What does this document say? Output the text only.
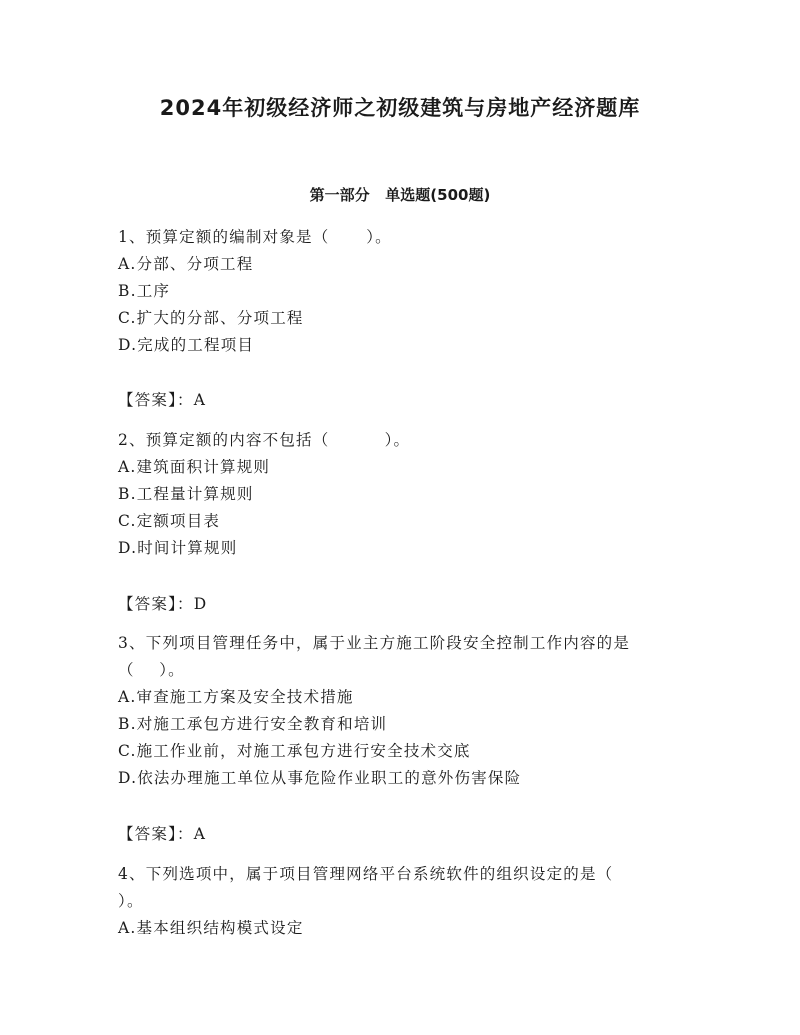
2024年初级经济师之初级建筑与房地产经济题库
第一部分   单选题(500题)
1、预算定额的编制对象是（      ）。
A.分部、分项工程
B.工序
C.扩大的分部、分项工程
D.完成的工程项目
【答案】：A
2、预算定额的内容不包括（         ）。
A.建筑面积计算规则
B.工程量计算规则
C.定额项目表
D.时间计算规则
【答案】：D
3、下列项目管理任务中，属于业主方施工阶段安全控制工作内容的是
（    ）。
A.审查施工方案及安全技术措施
B.对施工承包方进行安全教育和培训
C.施工作业前，对施工承包方进行安全技术交底
D.依法办理施工单位从事危险作业职工的意外伤害保险
【答案】：A
4、下列选项中，属于项目管理网络平台系统软件的组织设定的是（
）。
A.基本组织结构模式设定
